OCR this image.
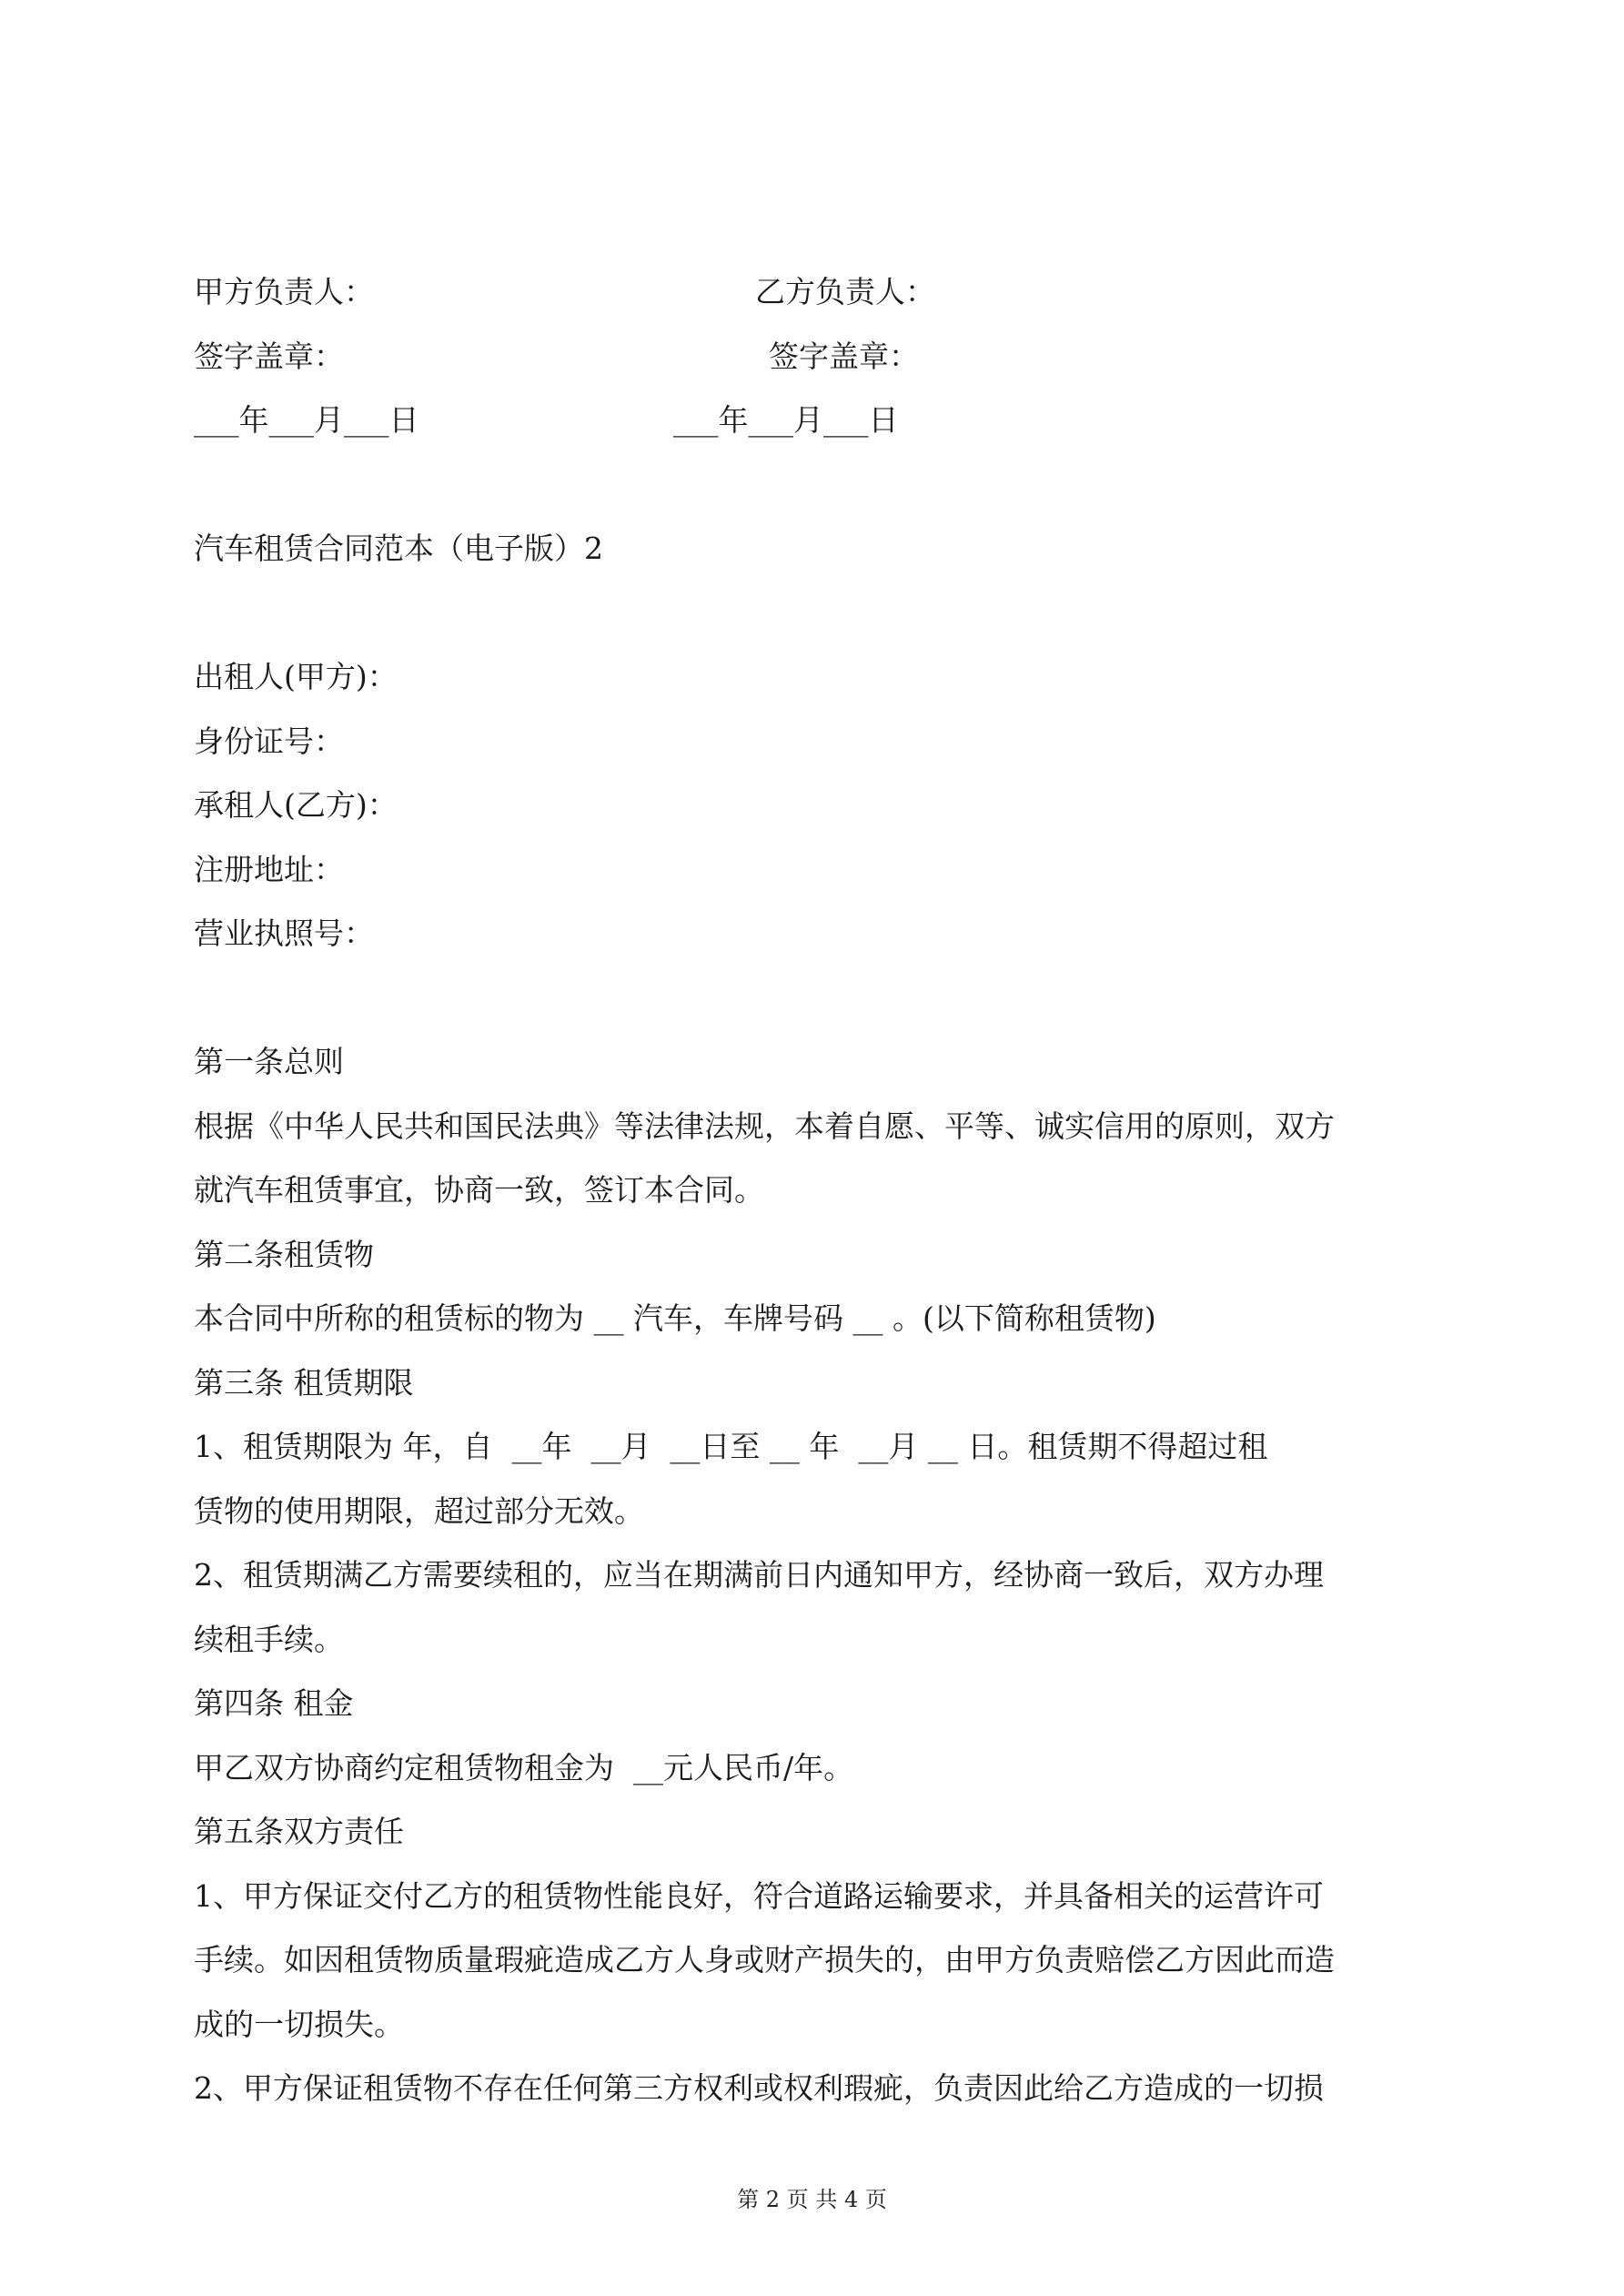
甲方负责人：	乙方负责人：
签字盖章：	签字盖章：
___年___月___日	___年___月___日
汽车租赁合同范本（电子版）2
出租人(甲方)：
身份证号：
承租人(乙方)：
注册地址：
营业执照号：
第一条总则
根据《中华人民共和国民法典》等法律法规，本着自愿、平等、诚实信用的原则，双方
就汽车租赁事宜，协商一致，签订本合同。
第二条租赁物
本合同中所称的租赁标的物为 __ 汽车，车牌号码 __ 。(以下简称租赁物)
第三条 租赁期限
1、租赁期限为 年，自  __年  __月  __日至 __ 年  __月 __ 日。租赁期不得超过租
赁物的使用期限，超过部分无效。
2、租赁期满乙方需要续租的，应当在期满前日内通知甲方，经协商一致后，双方办理
续租手续。
第四条 租金
甲乙双方协商约定租赁物租金为  __元人民币/年。
第五条双方责任
1、甲方保证交付乙方的租赁物性能良好，符合道路运输要求，并具备相关的运营许可
手续。如因租赁物质量瑕疵造成乙方人身或财产损失的，由甲方负责赔偿乙方因此而造
成的一切损失。
2、甲方保证租赁物不存在任何第三方权利或权利瑕疵，负责因此给乙方造成的一切损
第 2 页 共 4 页
